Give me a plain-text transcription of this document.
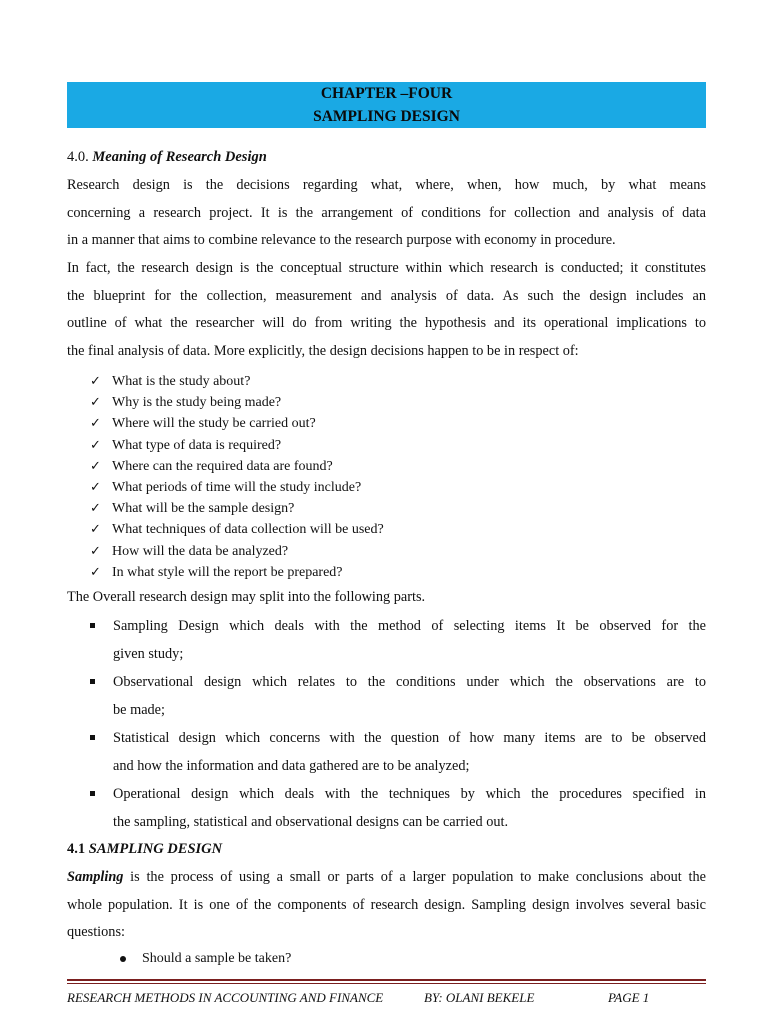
CHAPTER –FOUR
SAMPLING DESIGN
4.0. Meaning of Research Design
Research design is the decisions regarding what, where, when, how much, by what means
concerning a research project. It is the arrangement of conditions for collection and analysis of data
in a manner that aims to combine relevance to the research purpose with economy in procedure.
In fact, the research design is the conceptual structure within which research is conducted; it constitutes
the blueprint for the collection, measurement and analysis of data. As such the design includes an
outline of what the researcher will do from writing the hypothesis and its operational implications to
the final analysis of data. More explicitly, the design decisions happen to be in respect of:
✓ What is the study about?
✓ Why is the study being made?
✓ Where will the study be carried out?
✓ What type of data is required?
✓ Where can the required data are found?
✓ What periods of time will the study include?
✓ What will be the sample design?
✓ What techniques of data collection will be used?
✓ How will the data be analyzed?
✓ In what style will the report be prepared?
The Overall research design may split into the following parts.
Sampling Design which deals with the method of selecting items It be observed for the
given study;
Observational design which relates to the conditions under which the observations are to
be made;
Statistical design which concerns with the question of how many items are to be observed
and how the information and data gathered are to be analyzed;
Operational design which deals with the techniques by which the procedures specified in
the sampling, statistical and observational designs can be carried out.
4.1 SAMPLING DESIGN
Sampling is the process of using a small or parts of a larger population to make conclusions about the
whole population. It is one of the components of research design. Sampling design involves several basic
questions:
Should a sample be taken?
RESEARCH METHODS IN ACCOUNTING AND FINANCE	BY: OLANI BEKELE	PAGE 1
